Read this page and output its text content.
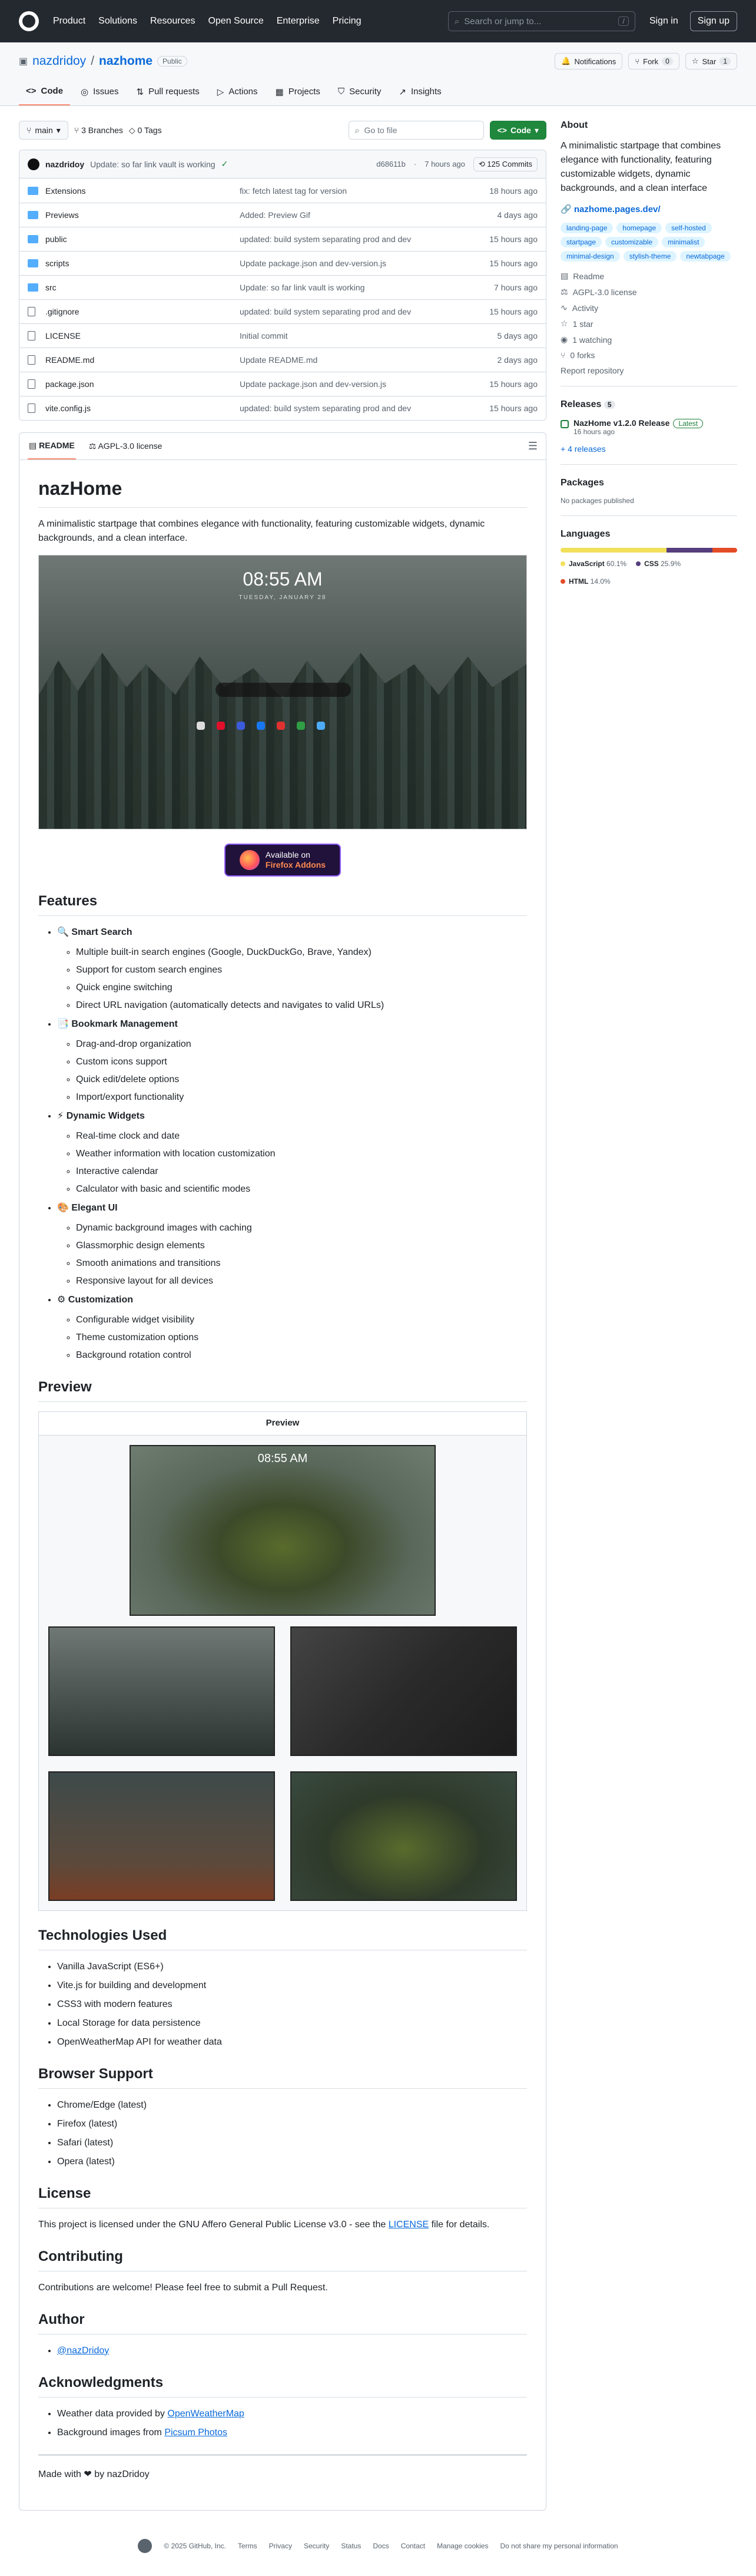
Product Solutions Resources Open Source Enterprise Pricing	⌕ Search or jump to...	/	Sign in	Sign up
▣ nazdridoy / nazhome	Public	🔔 Notifications ⑂ Fork	0	☆ Star	1
<> Code ◎ Issues ⇅ Pull requests ▷ Actions ▦ Projects ⛉ Security ↗ Insights
⑂ main ▾ ⑂ 3 Branches ◇ 0 Tags	⌕ Go to file	<> Code ▾
nazdridoy Update: so far link vault is working ✓	d68611b · 7 hours ago	⟲ 125 Commits
Extensions	fix: fetch latest tag for version	18 hours ago
Previews	Added: Preview Gif	4 days ago
public	updated: build system separating prod and dev	15 hours ago
scripts	Update package.json and dev-version.js	15 hours ago
src	Update: so far link vault is working	7 hours ago
.gitignore	updated: build system separating prod and dev	15 hours ago
LICENSE	Initial commit	5 days ago
README.md	Update README.md	2 days ago
package.json	Update package.json and dev-version.js	15 hours ago
vite.config.js	updated: build system separating prod and dev	15 hours ago
▤ README ⚖ AGPL-3.0 license	☰
nazHome

A minimalistic startpage that combines elegance with functionality, featuring customizable widgets, dynamic backgrounds, and a clean interface.

08:55 AM
TUESDAY, JANUARY 28
Available on
Firefox Addons
Features
• 🔍 Smart Search
◦ Multiple built-in search engines (Google, DuckDuckGo, Brave, Yandex)
◦ Support for custom search engines
◦ Quick engine switching
◦ Direct URL navigation (automatically detects and navigates to valid URLs)
• 📑 Bookmark Management
◦ Drag-and-drop organization
◦ Custom icons support
◦ Quick edit/delete options
◦ Import/export functionality
• ⚡ Dynamic Widgets
◦ Real-time clock and date
◦ Weather information with location customization
◦ Interactive calendar
◦ Calculator with basic and scientific modes
• 🎨 Elegant UI
◦ Dynamic background images with caching
◦ Glassmorphic design elements
◦ Smooth animations and transitions
◦ Responsive layout for all devices
• ⚙ Customization
◦ Configurable widget visibility
◦ Theme customization options
◦ Background rotation control
Preview
Preview
08:55 AM
Technologies Used
• Vanilla JavaScript (ES6+)
• Vite.js for building and development
• CSS3 with modern features
• Local Storage for data persistence
• OpenWeatherMap API for weather data
Browser Support
• Chrome/Edge (latest)
• Firefox (latest)
• Safari (latest)
• Opera (latest)
License

This project is licensed under the GNU Affero General Public License v3.0 - see the LICENSE file for details.

Contributing

Contributions are welcome! Please feel free to submit a Pull Request.

Author
• @nazDridoy
Acknowledgments
• Weather data provided by OpenWeatherMap
• Background images from Picsum Photos

Made with ❤ by nazDridoy

About

A minimalistic startpage that combines elegance with functionality, featuring customizable widgets, dynamic backgrounds, and a clean interface

🔗 nazhome.pages.dev/
landing-page	homepage	self-hosted
startpage	customizable	minimalist
minimal-design	stylish-theme	newtabpage
▤ Readme
⚖ AGPL-3.0 license
∿ Activity
☆ 1 star
◉ 1 watching
⑂ 0 forks
Report repository
Releases 5
NazHome v1.2.0 Release Latest
16 hours ago
+ 4 releases
Packages
No packages published
Languages
JavaScript 60.1%	CSS 25.9%
HTML 14.0%
© 2025 GitHub, Inc. Terms Privacy Security Status Docs Contact Manage cookies Do not share my personal information
